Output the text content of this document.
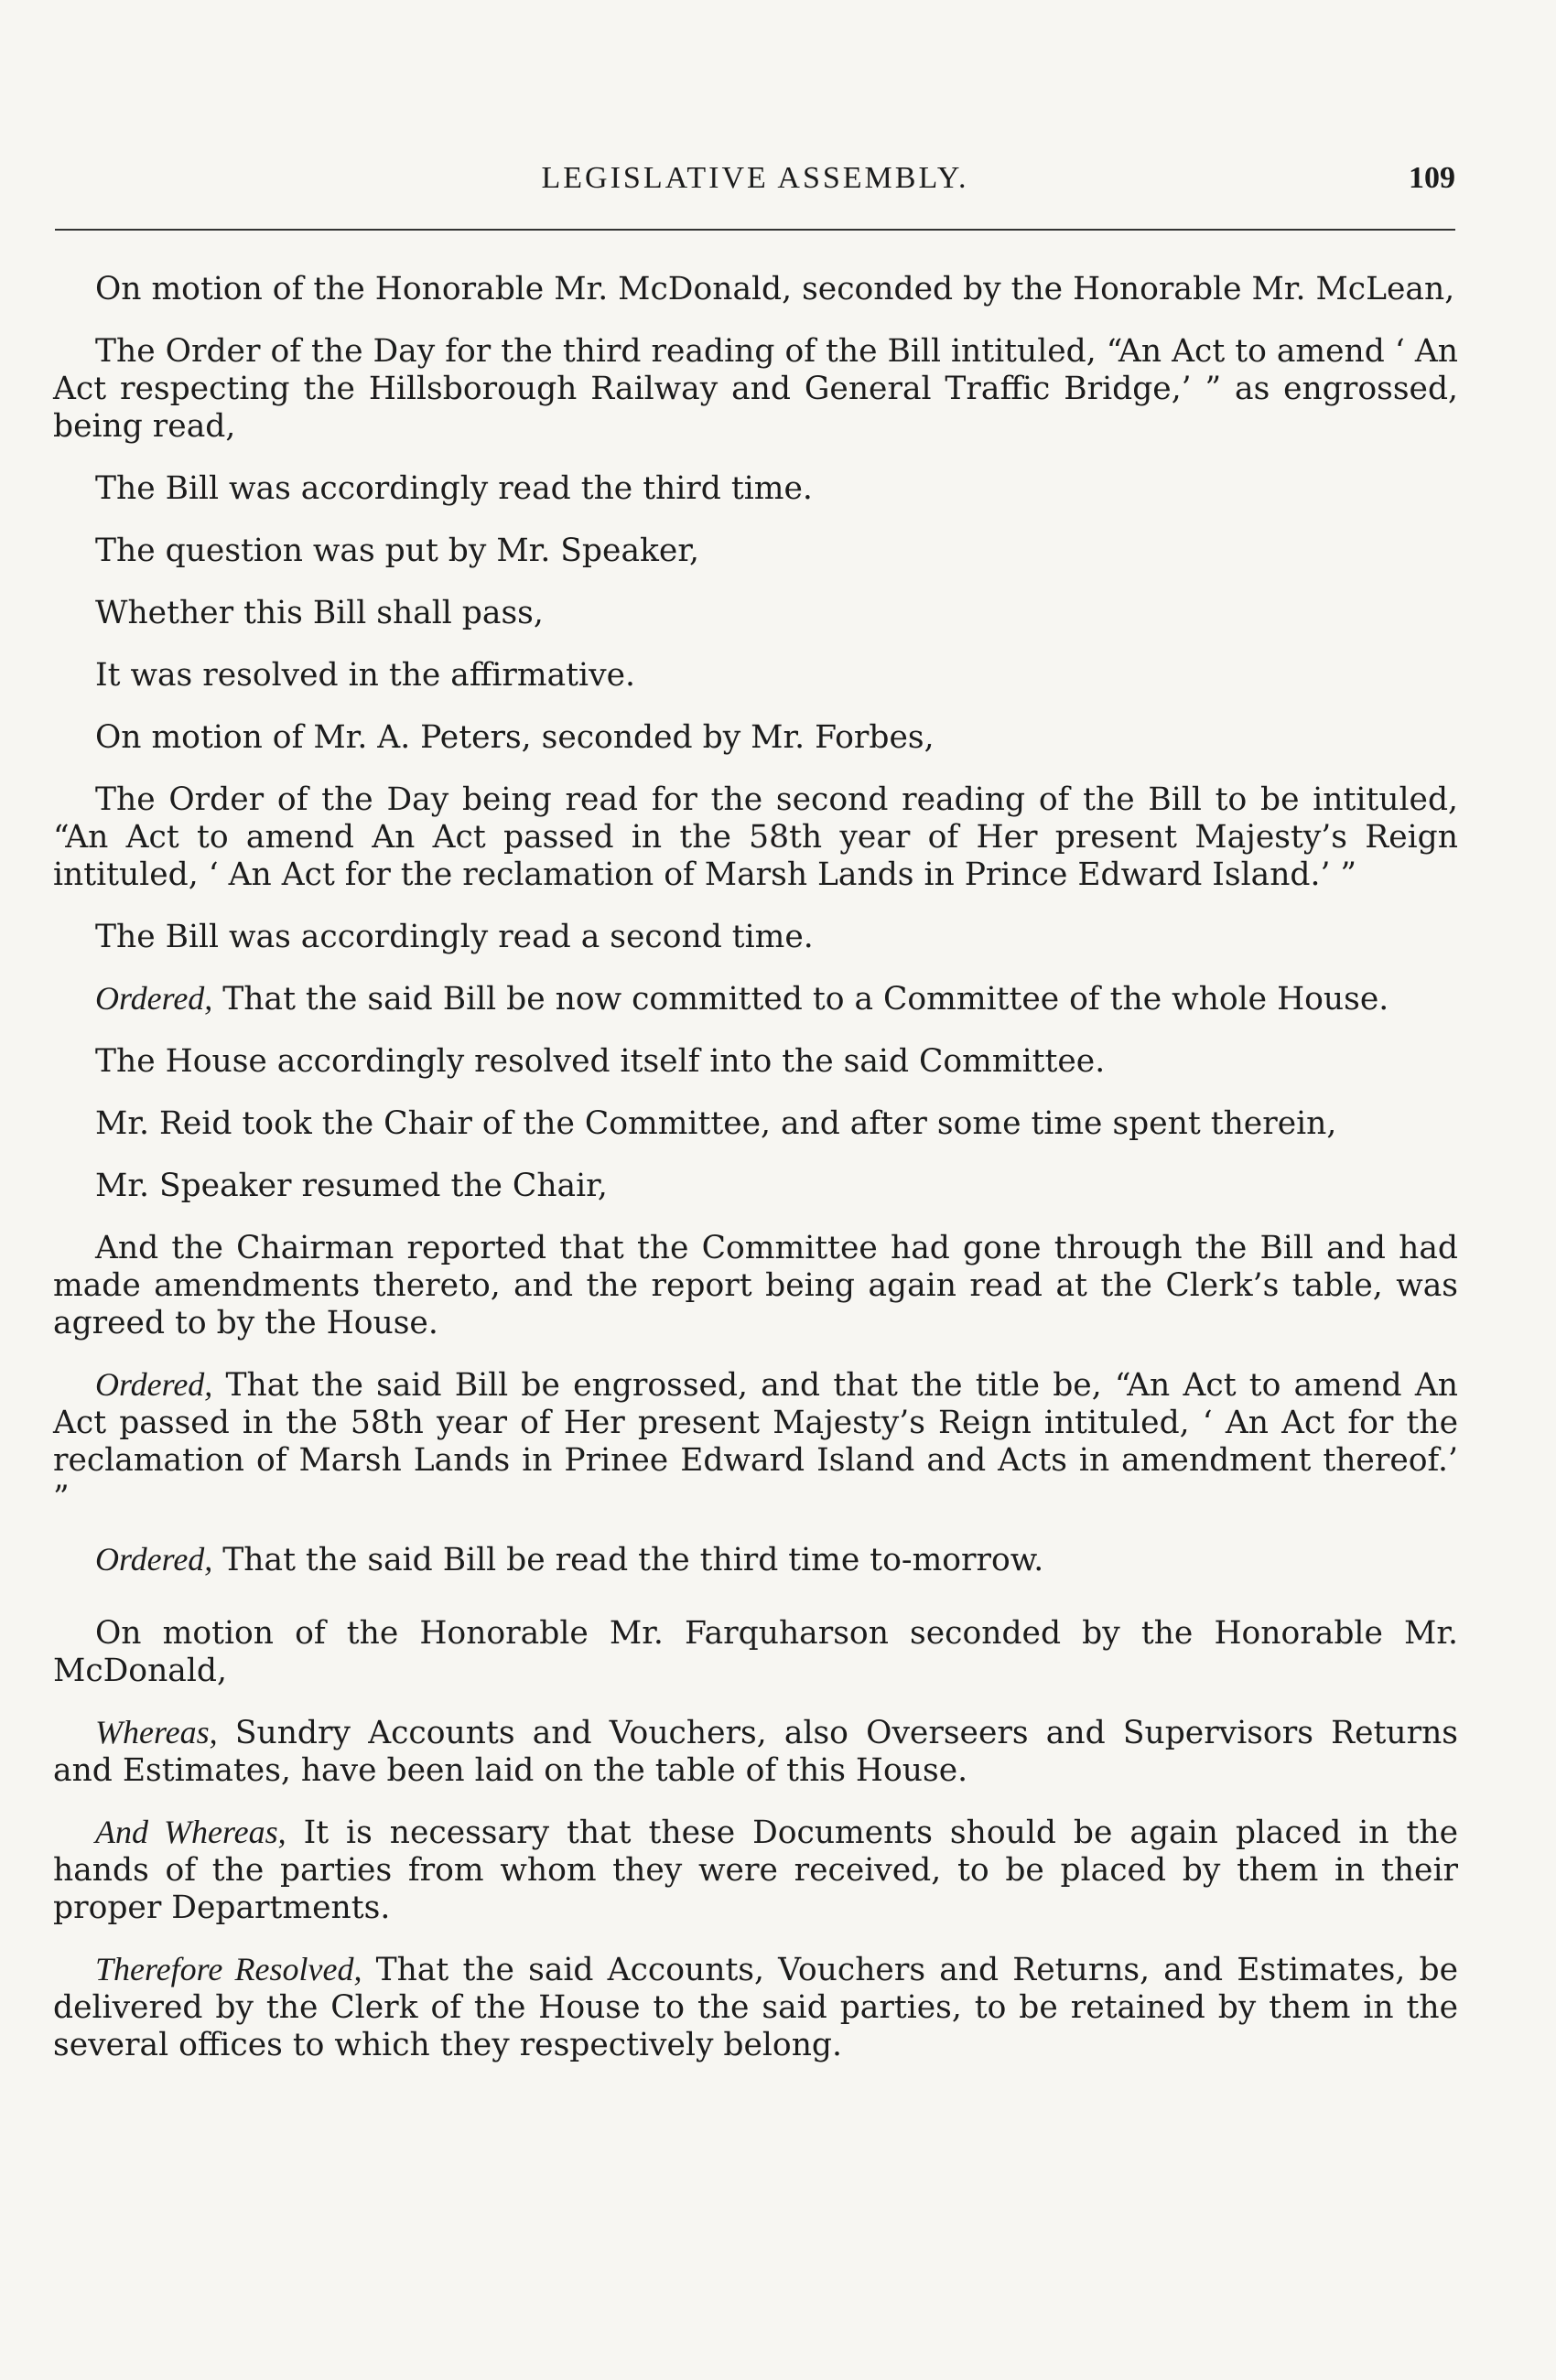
LEGISLATIVE ASSEMBLY.	109

On motion of the Honorable Mr. McDonald, seconded by the Honorable Mr. McLean,

The Order of the Day for the third reading of the Bill intituled, “An Act to amend ‘ An Act respecting the Hillsborough Railway and General Traffic Bridge,’ ” as engrossed, being read,

The Bill was accordingly read the third time.

The question was put by Mr. Speaker,

Whether this Bill shall pass,

It was resolved in the affirmative.

On motion of Mr. A. Peters, seconded by Mr. Forbes,

The Order of the Day being read for the second reading of the Bill to be intituled, “An Act to amend An Act passed in the 58th year of Her present Majesty’s Reign intituled, ‘ An Act for the reclamation of Marsh Lands in Prince Edward Island.’ ”

The Bill was accordingly read a second time.

Ordered, That the said Bill be now committed to a Committee of the whole House.

The House accordingly resolved itself into the said Committee.

Mr. Reid took the Chair of the Committee, and after some time spent therein,

Mr. Speaker resumed the Chair,

And the Chairman reported that the Committee had gone through the Bill and had made amendments thereto, and the report being again read at the Clerk’s table, was agreed to by the House.

Ordered, That the said Bill be engrossed, and that the title be, “An Act to amend An Act passed in the 58th year of Her present Majesty’s Reign intituled, ‘ An Act for the reclamation of Marsh Lands in Prinee Edward Island and Acts in amendment thereof.’ ”

Ordered, That the said Bill be read the third time to-morrow.

On motion of the Honorable Mr. Farquharson seconded by the Honorable Mr. McDonald,

Whereas, Sundry Accounts and Vouchers, also Overseers and Supervisors Returns and Estimates, have been laid on the table of this House.

And Whereas, It is necessary that these Documents should be again placed in the hands of the parties from whom they were received, to be placed by them in their proper Departments.

Therefore Resolved, That the said Accounts, Vouchers and Returns, and Estimates, be delivered by the Clerk of the House to the said parties, to be retained by them in the several offices to which they respectively belong.
